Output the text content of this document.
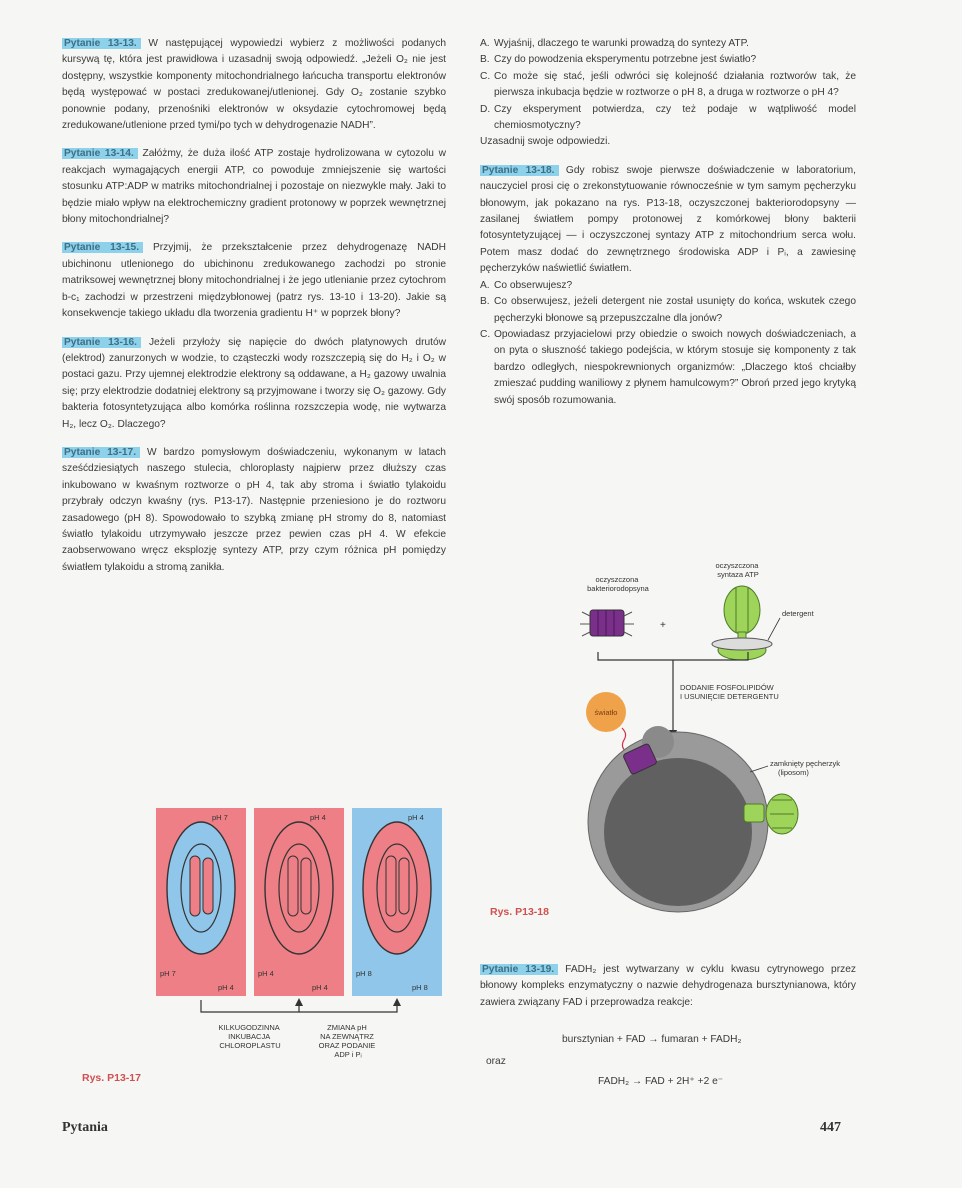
Pytanie 13-13. W następującej wypowiedzi wybierz z możliwości podanych kursywą tę, która jest prawidłowa i uzasadnij swoją odpowiedź. „Jeżeli O₂ nie jest dostępny, wszystkie komponenty mitochondrialnego łańcucha transportu elektronów będą występować w postaci zredukowanej/utlenionej. Gdy O₂ zostanie szybko ponownie podany, przenośniki elektronów w oksydazie cytochromowej będą zredukowane/utlenione przed tymi/po tych w dehydrogenazie NADH”.

Pytanie 13-14. Załóżmy, że duża ilość ATP zostaje hydrolizowana w cytozolu w reakcjach wymagających energii ATP, co powoduje zmniejszenie się wartości stosunku ATP:ADP w matriks mitochondrialnej i pozostaje on niezwykle mały. Jaki to będzie miało wpływ na elektrochemiczny gradient protonowy w poprzek wewnętrznej błony mitochondrialnej?

Pytanie 13-15. Przyjmij, że przekształcenie przez dehydrogenazę NADH ubichinonu utlenionego do ubichinonu zredukowanego zachodzi po stronie matriksowej wewnętrznej błony mitochondrialnej i że jego utlenianie przez cytochrom b-c₁ zachodzi w przestrzeni międzybłonowej (patrz rys. 13-10 i 13-20). Jakie są konsekwencje takiego układu dla tworzenia gradientu H⁺ w poprzek błony?

Pytanie 13-16. Jeżeli przyłoży się napięcie do dwóch platynowych drutów (elektrod) zanurzonych w wodzie, to cząsteczki wody rozszczepią się do H₂ i O₂ w postaci gazu. Przy ujemnej elektrodzie elektrony są oddawane, a H₂ gazowy uwalnia się; przy elektrodzie dodatniej elektrony są przyjmowane i tworzy się O₂ gazowy. Gdy bakteria fotosyntetyzująca albo komórka roślinna rozszczepia wodę, nie wytwarza H₂, lecz O₂. Dlaczego?

Pytanie 13-17. W bardzo pomysłowym doświadczeniu, wykonanym w latach sześćdziesiątych naszego stulecia, chloroplasty najpierw przez dłuższy czas inkubowano w kwaśnym roztworze o pH 4, tak aby stroma i światło tylakoidu przybrały odczyn kwaśny (rys. P13-17). Następnie przeniesiono je do roztworu zasadowego (pH 8). Spowodowało to szybką zmianę pH stromy do 8, natomiast światło tylakoidu utrzymywało jeszcze przez pewien czas pH 4. W efekcie zaobserwowano wręcz eksplozję syntezy ATP, przy czym różnica pH pomiędzy światłem tylakoidu a stromą zanikła.

pH 7
pH 7
pH 4
pH 4
pH 4
pH 4
pH 4
pH 8
pH 8
KILKUGODZINNA INKUBACJA CHLOROPLASTU
ZMIANA pH NA ZEWNĄTRZ ORAZ PODANIE ADP i Pᵢ
Rys. P13-17

A. Wyjaśnij, dlaczego te warunki prowadzą do syntezy ATP.

B. Czy do powodzenia eksperymentu potrzebne jest światło?

C. Co może się stać, jeśli odwróci się kolejność działania roztworów tak, że pierwsza inkubacja będzie w roztworze o pH 8, a druga w roztworze o pH 4?

D. Czy eksperyment potwierdza, czy też podaje w wątpliwość model chemiosmotyczny?

Uzasadnij swoje odpowiedzi.

Pytanie 13-18. Gdy robisz swoje pierwsze doświadczenie w laboratorium, nauczyciel prosi cię o zrekonstytuowanie równocześnie w tym samym pęcherzyku błonowym, jak pokazano na rys. P13-18, oczyszczonej bakteriorodopsyny — zasilanej światłem pompy protonowej z komórkowej błony bakterii fotosyntetyzującej — i oczyszczonej syntazy ATP z mitochondrium serca wołu. Potem masz dodać do zewnętrznego środowiska ADP i Pᵢ, a zawiesinę pęcherzyków naświetlić światłem.

A. Co obserwujesz?

B. Co obserwujesz, jeżeli detergent nie został usunięty do końca, wskutek czego pęcherzyki błonowe są przepuszczalne dla jonów?

C. Opowiadasz przyjacielowi przy obiedzie o swoich nowych doświadczeniach, a on pyta o słuszność takiego podejścia, w którym stosuje się komponenty z tak bardzo odległych, niespokrewnionych organizmów: „Dlaczego ktoś chciałby zmieszać pudding waniliowy z płynem hamulcowym?” Obroń przed jego krytyką swój sposób rozumowania.

oczyszczona bakteriorodopsyna
oczyszczona syntaza ATP
+
detergent
DODANIE FOSFOLIPIDÓW I USUNIĘCIE DETERGENTU
światło
zamknięty pęcherzyk (liposom)
Rys. P13-18

Pytanie 13-19. FADH₂ jest wytwarzany w cyklu kwasu cytrynowego przez błonowy kompleks enzymatyczny o nazwie dehydrogenaza bursztynianowa, który zawiera związany FAD i przeprowadza reakcje:

bursztynian + FAD → fumaran + FADH₂
oraz
FADH₂ → FAD + 2H⁺ +2 e⁻
Pytania	447
